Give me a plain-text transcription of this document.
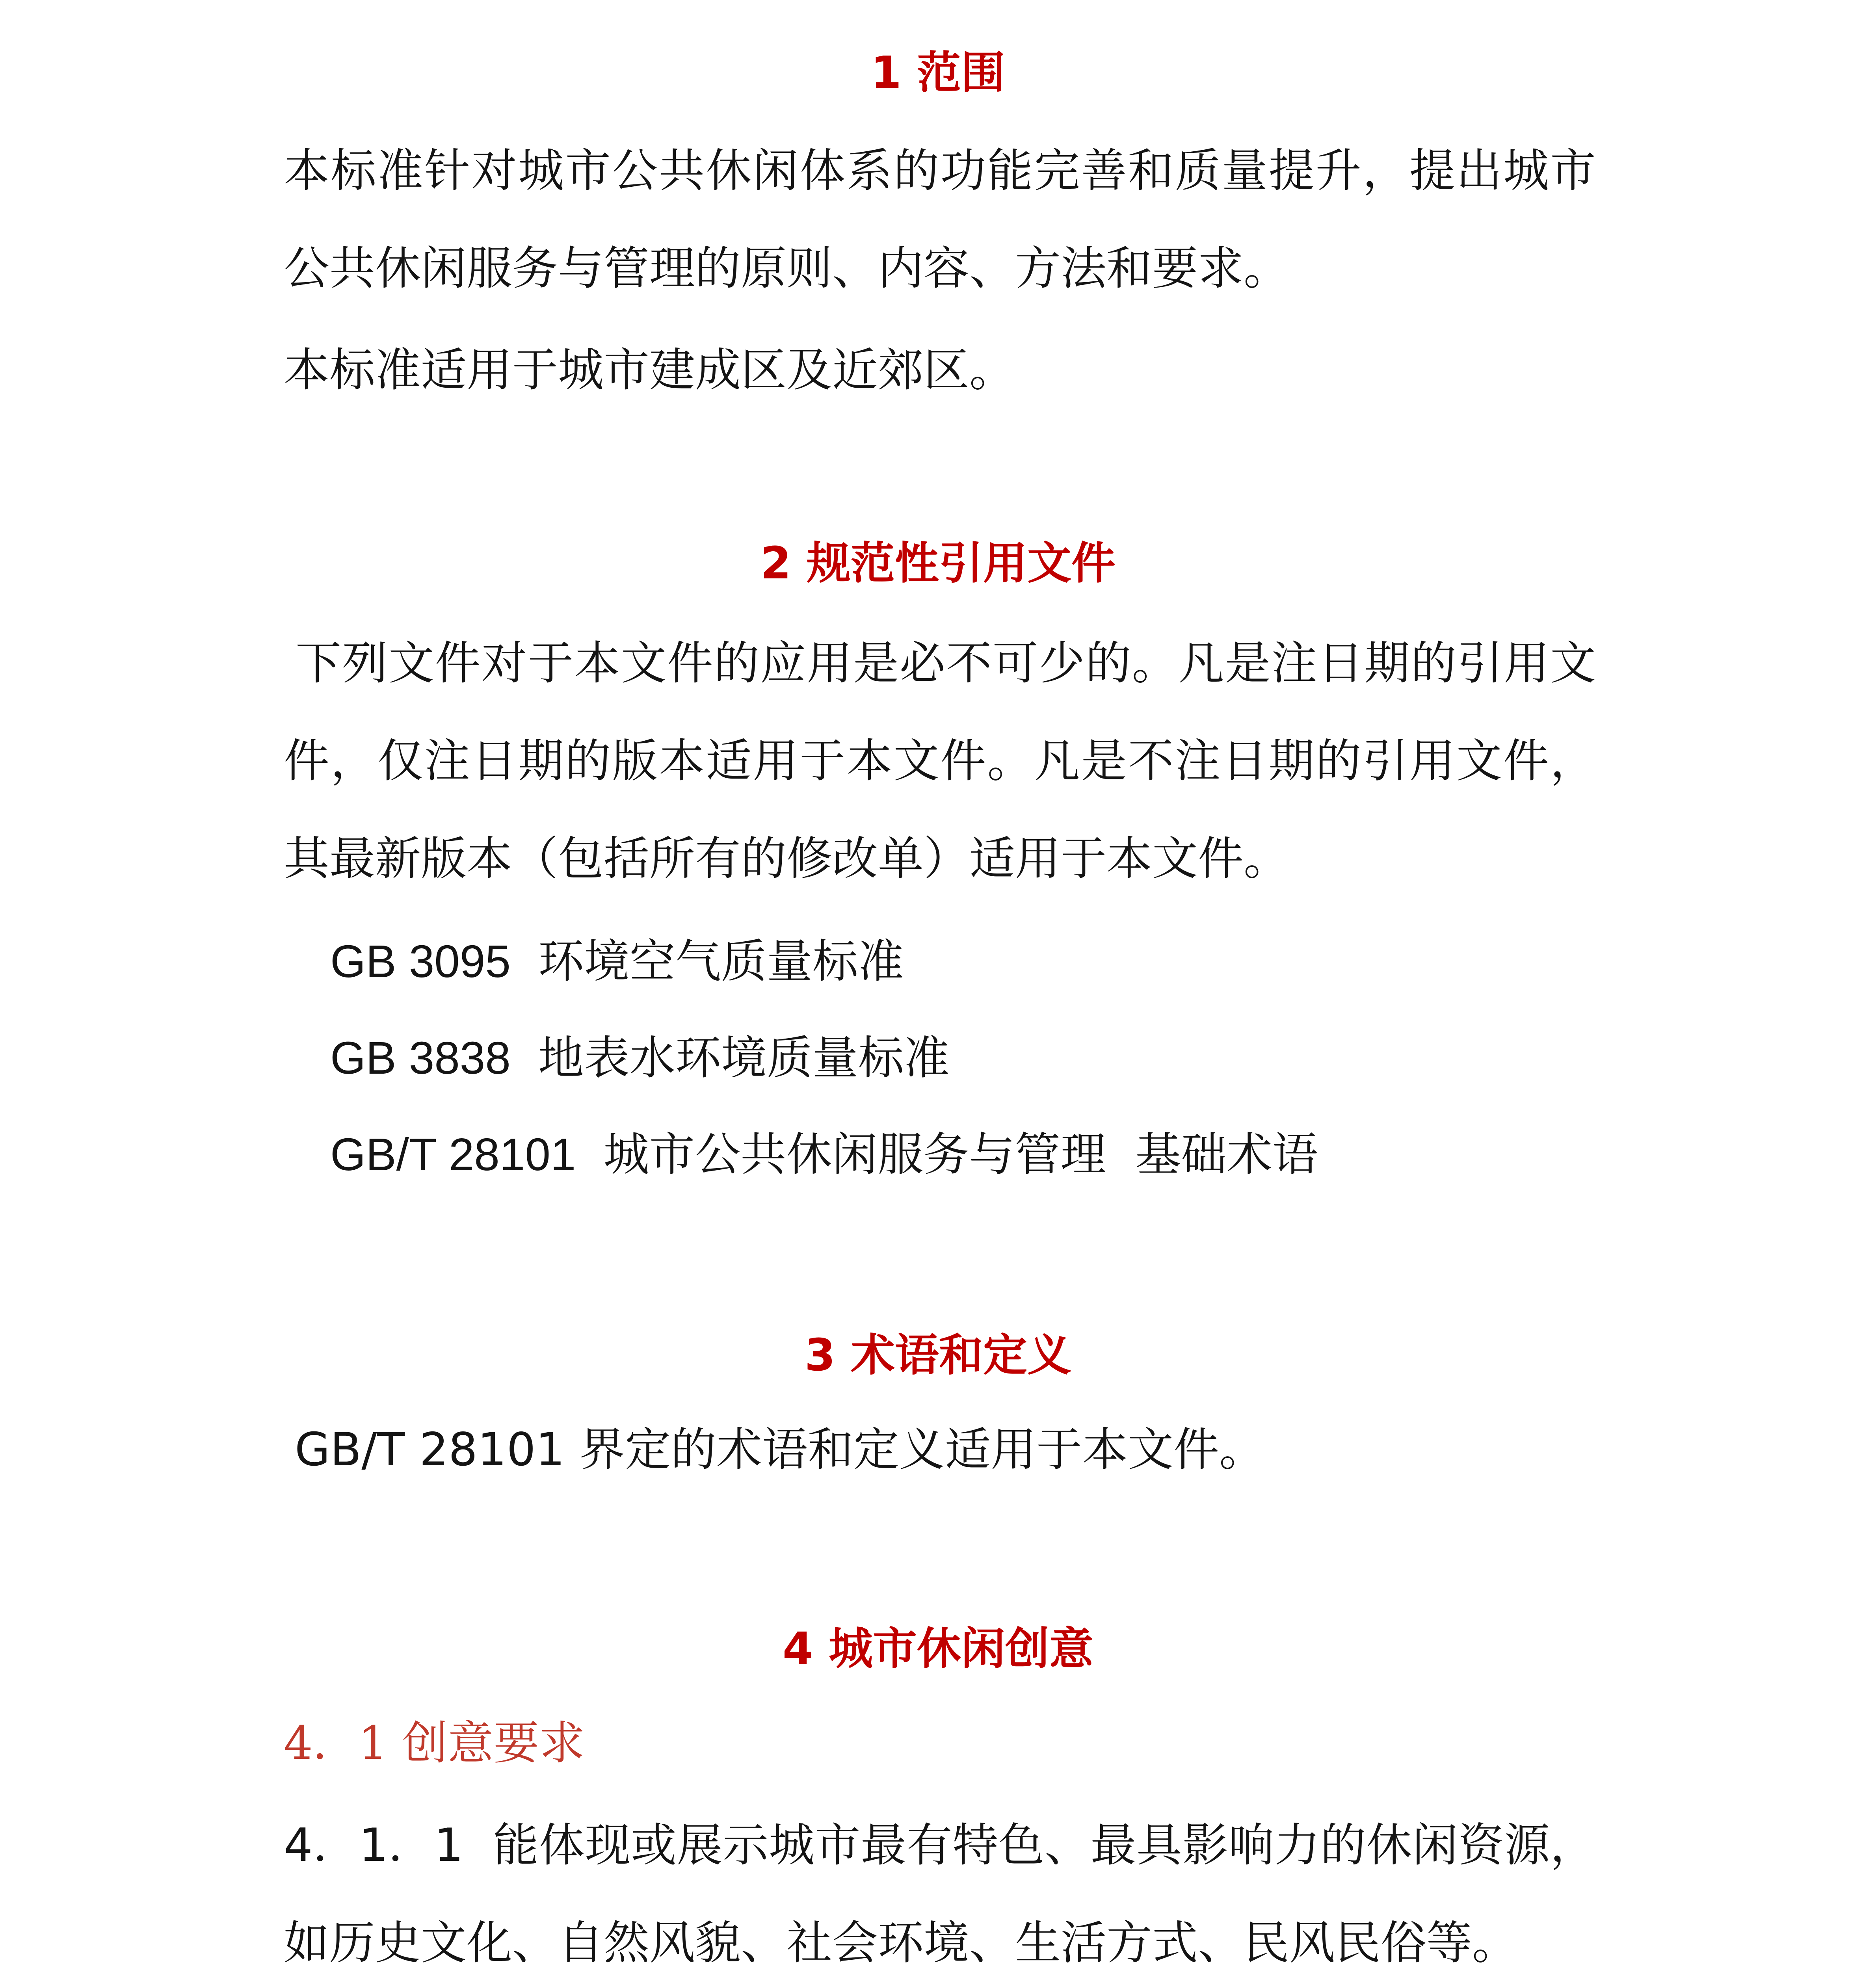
1 范围
本标准针对城市公共休闲体系的功能完善和质量提升，提出城市公共休闲服务与管理的原则、内容、方法和要求。
本标准适用于城市建成区及近郊区。
2 规范性引用文件
下列文件对于本文件的应用是必不可少的。凡是注日期的引用文件，仅注日期的版本适用于本文件。凡是不注日期的引用文件，其最新版本（包括所有的修改单）适用于本文件。
GB 3095 环境空气质量标准
GB 3838 地表水环境质量标准
GB/T 28101 城市公共休闲服务与管理  基础术语
3 术语和定义
GB/T 28101 界定的术语和定义适用于本文件。
4 城市休闲创意
4．1 创意要求
4．1．1  能体现或展示城市最有特色、最具影响力的休闲资源，如历史文化、自然风貌、社会环境、生活方式、民风民俗等。
